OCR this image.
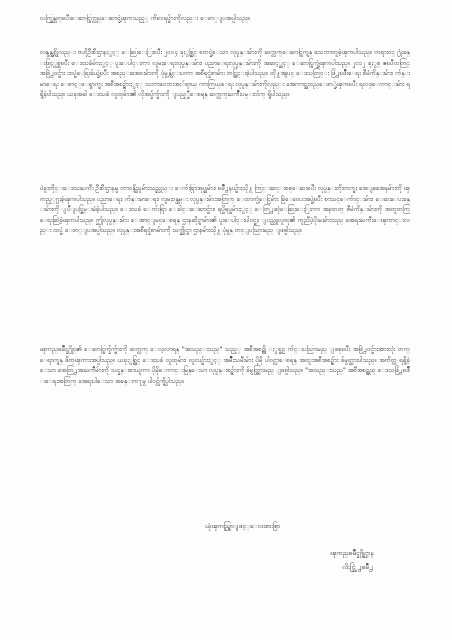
လက္ဖြန္သတ္ၿပီးေဆာင္ရြက္လုပ္ေဆာင္ခဲ့ၾကသည့္ ကိစၥရပ္မ်ားကိုလည္း ေဖာ္ျပအပ္ပါသည္။

လန္ဒန္အစ္ကိုလည္း ဗဟိုဦးစီးဌာနႏွင့္ ေဆြးေႏြးၿပီး ၂၀၀၄ ခုႏွစ္တြင္ စတင္ခဲ့ေသာ လုပ္ငန္းမ်ားကို ဆက္လက္ေဆာင္ရြက္ရန္ သေဘာတူခဲ့ၾကပါသည္။ တရားဝင္ ႐ုံးခန္းဖြင့္လွစ္ၿပီး ေဒသခံမ်ားႏွင့္ ပူးေပါင္းကာ လူမႈေရးလုပ္ငန္းမ်ား၊ ပညာေရးလုပ္ငန္းမ်ားကို အဆင့္ဆင့္ ေဆာင္ရြက္ခဲ့ၾကပါသည္။ ၂၀၁၂ ခုႏွစ္ ဧၿပီလတြင္ အဖြဲ႕ဝင္မ်ား ထပ္မံေရြးခ်ယ္ခဲ့ၿပီး အစည္းအေဝးမ်ားကို ပုံမွန္က်င္းပကာ အစီရင္ခံစာမ်ား တင္သြင္းခဲ့ပါသည္။ ထို႔အျပင္ ေဒသတြင္း ဖြံ႕ၿဖိဳးေရး စီမံကိန္းမ်ား၊ က်န္းမာေရး ေစာင့္ေရွာက္မႈ အစီအစဥ္မ်ားႏွင့္ သဘာဝေဘးအႏၲရာယ္ ကာကြယ္ေရး လုပ္ငန္းမ်ားကိုလည္း အေကာင္အထည္ေဖာ္ခဲ့ၾကၿပီး ရလဒ္ေကာင္းမ်ား ရရွိခဲ့ပါသည္။ ယခုအခါ ေဒသခံ လူထုမ်ား၏ လိုအပ္ခ်က္မ်ားကို ျပည့္မီေစရန္ ဆက္လက္ႀကိဳးပမ္းလ်က္ ရွိပါသည္။

ပဲခူးတိုင္းေဒသႀကီး ဦးစီးဌာနမွ တာဝန္ရွိသူမ်ားသည္လည္း ေက်းရြာအုပ္စုမ်ား၊ ၿမိဳ႕နယ္မ်ားသို႔ ကြင္းဆင္းစစ္ေဆးၿပီး လုပ္ငန္းတိုးတက္မႈ အေျခအေနမ်ားကို ၾကည့္႐ႈခဲ့ၾကပါသည္။ ပညာေရး၊ က်န္းမာေရး၊ လူမႈဝန္ထမ္း လုပ္ငန္းမ်ားအတြက္ ေထာက္ပံ့ေငြမ်ား ခြဲေဝေပးအပ္ခဲ့ၿပီး စာသင္ေက်ာင္းမ်ား၊ ေဆးေပးခန္းမ်ားကို ျပဳျပင္မြမ္းမံခဲ့ပါသည္။ ေဒသခံ ေက်းရြာ ေခါင္းေဆာင္မ်ား၊ ရပ္မိရပ္ဖမ်ားႏွင့္ ေတြ႕ဆုံေဆြးေႏြးကာ အနာဂတ္ စီမံကိန္းမ်ားကို အတူတကြ ေရးဆြဲခဲ့ၾကပါသည္။ ဤလုပ္ငန္းမ်ား ေအာင္ျမင္ေစရန္ ဌာနဆိုင္ရာမ်ား၏ ပူးေပါင္းပါဝင္မႈ၊ ျပည္သူလူထု၏ ကူညီပံ့ပိုးမႈမ်ားသည္ အေရးႀကီးေၾကာင္းလည္း ထပ္မံ ေဖာ္ျပအပ္ပါသည္။ လုပ္ငန္းအစီရင္ခံစာမ်ားကို သက္ဆိုင္ရာ ဌာနမ်ားသို႔ ပုံမွန္ တင္ျပသြားမည္ ျဖစ္ပါသည္။

ၾကည္ၿမိဳင္ခ႐ိုင္၏ ေဆာင္ရြက္ခ်က္မ်ားကို ဆက္လက္ ေလ့လာရန္ "အသည္းသည္" သည့္ အစီအစဥ္ကို ႏွစ္စဥ္ က်င္းပသြားမည္ ျဖစ္ၿပီး အဖြဲ႕ဝင္မ်ားအားလုံး တက္ေရာက္ရန္ ဖိတ္ၾကားအပ္ပါသည္။ ယခုႏွစ္တြင္ ေဒသခံ လူထုမ်ား၊ လူငယ္မ်ားႏွင့္ အမ်ိဳးသမီးမ်ား ပိုမို ပါဝင္လာေစရန္ အထူးအစီအစဥ္မ်ား ခ်မွတ္ထားပါသည္။ အတိတ္က ရရွိခဲ့ေသာ အေတြ႕အႀကဳံမ်ားကို သင္ခန္းစာယူကာ ပိုမိုေကာင္းမြန္ေသာ လုပ္ငန္းစဥ္မ်ားကို ခ်မွတ္သြားမည္ ျဖစ္ပါသည္။ "အသည္းသည္" အစီအစဥ္သည္ ေဒသဖြံ႕ၿဖိဳးေရးအတြက္ အေရးပါေသာ အခန္းက႑မွ ပါဝင္လ်က္ရွိပါသည္။

ယုံၾကည္စြာျဖင့္ေလးစားစြာ
ၾကည္ၿမိဳင္ခ႐ိုင္ဌာန
လိႈင္ဘြဲ႕ၿမိဳ႕
